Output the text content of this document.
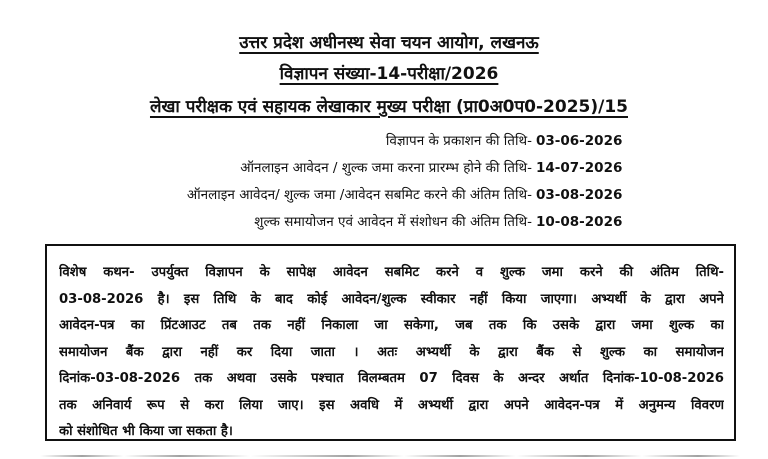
उत्तर प्रदेश अधीनस्थ सेवा चयन आयोग, लखनऊ
विज्ञापन संख्या-14-परीक्षा/2026
लेखा परीक्षक एवं सहायक लेखाकार मुख्य परीक्षा (प्रा0अ0प0-2025)/15
विज्ञापन के प्रकाशन की तिथि- 03-06-2026
ऑनलाइन आवेदन / शुल्क जमा करना प्रारम्भ होने की तिथि- 14-07-2026
ऑनलाइन आवेदन/ शुल्क जमा /आवेदन सबमिट करने की अंतिम तिथि- 03-08-2026
शुल्क समायोजन एवं आवेदन में संशोधन की अंतिम तिथि- 10-08-2026
विशेष कथन- उपर्युक्त विज्ञापन के सापेक्ष आवेदन सबमिट करने व शुल्क जमा करने की अंतिम तिथि-
03-08-2026 है। इस तिथि के बाद कोई आवेदन/शुल्क स्वीकार नहीं किया जाएगा। अभ्यर्थी के द्वारा अपने
आवेदन-पत्र का प्रिंटआउट तब तक नहीं निकाला जा सकेगा, जब तक कि उसके द्वारा जमा शुल्क का
समायोजन बैंक द्वारा नहीं कर दिया जाता । अतः अभ्यर्थी के द्वारा बैंक से शुल्क का समायोजन
दिनांक-03-08-2026 तक अथवा उसके पश्चात विलम्बतम 07 दिवस के अन्दर अर्थात दिनांक-10-08-2026
तक अनिवार्य रूप से करा लिया जाए। इस अवधि में अभ्यर्थी द्वारा अपने आवेदन-पत्र में अनुमन्य विवरण
को संशोधित भी किया जा सकता है।
